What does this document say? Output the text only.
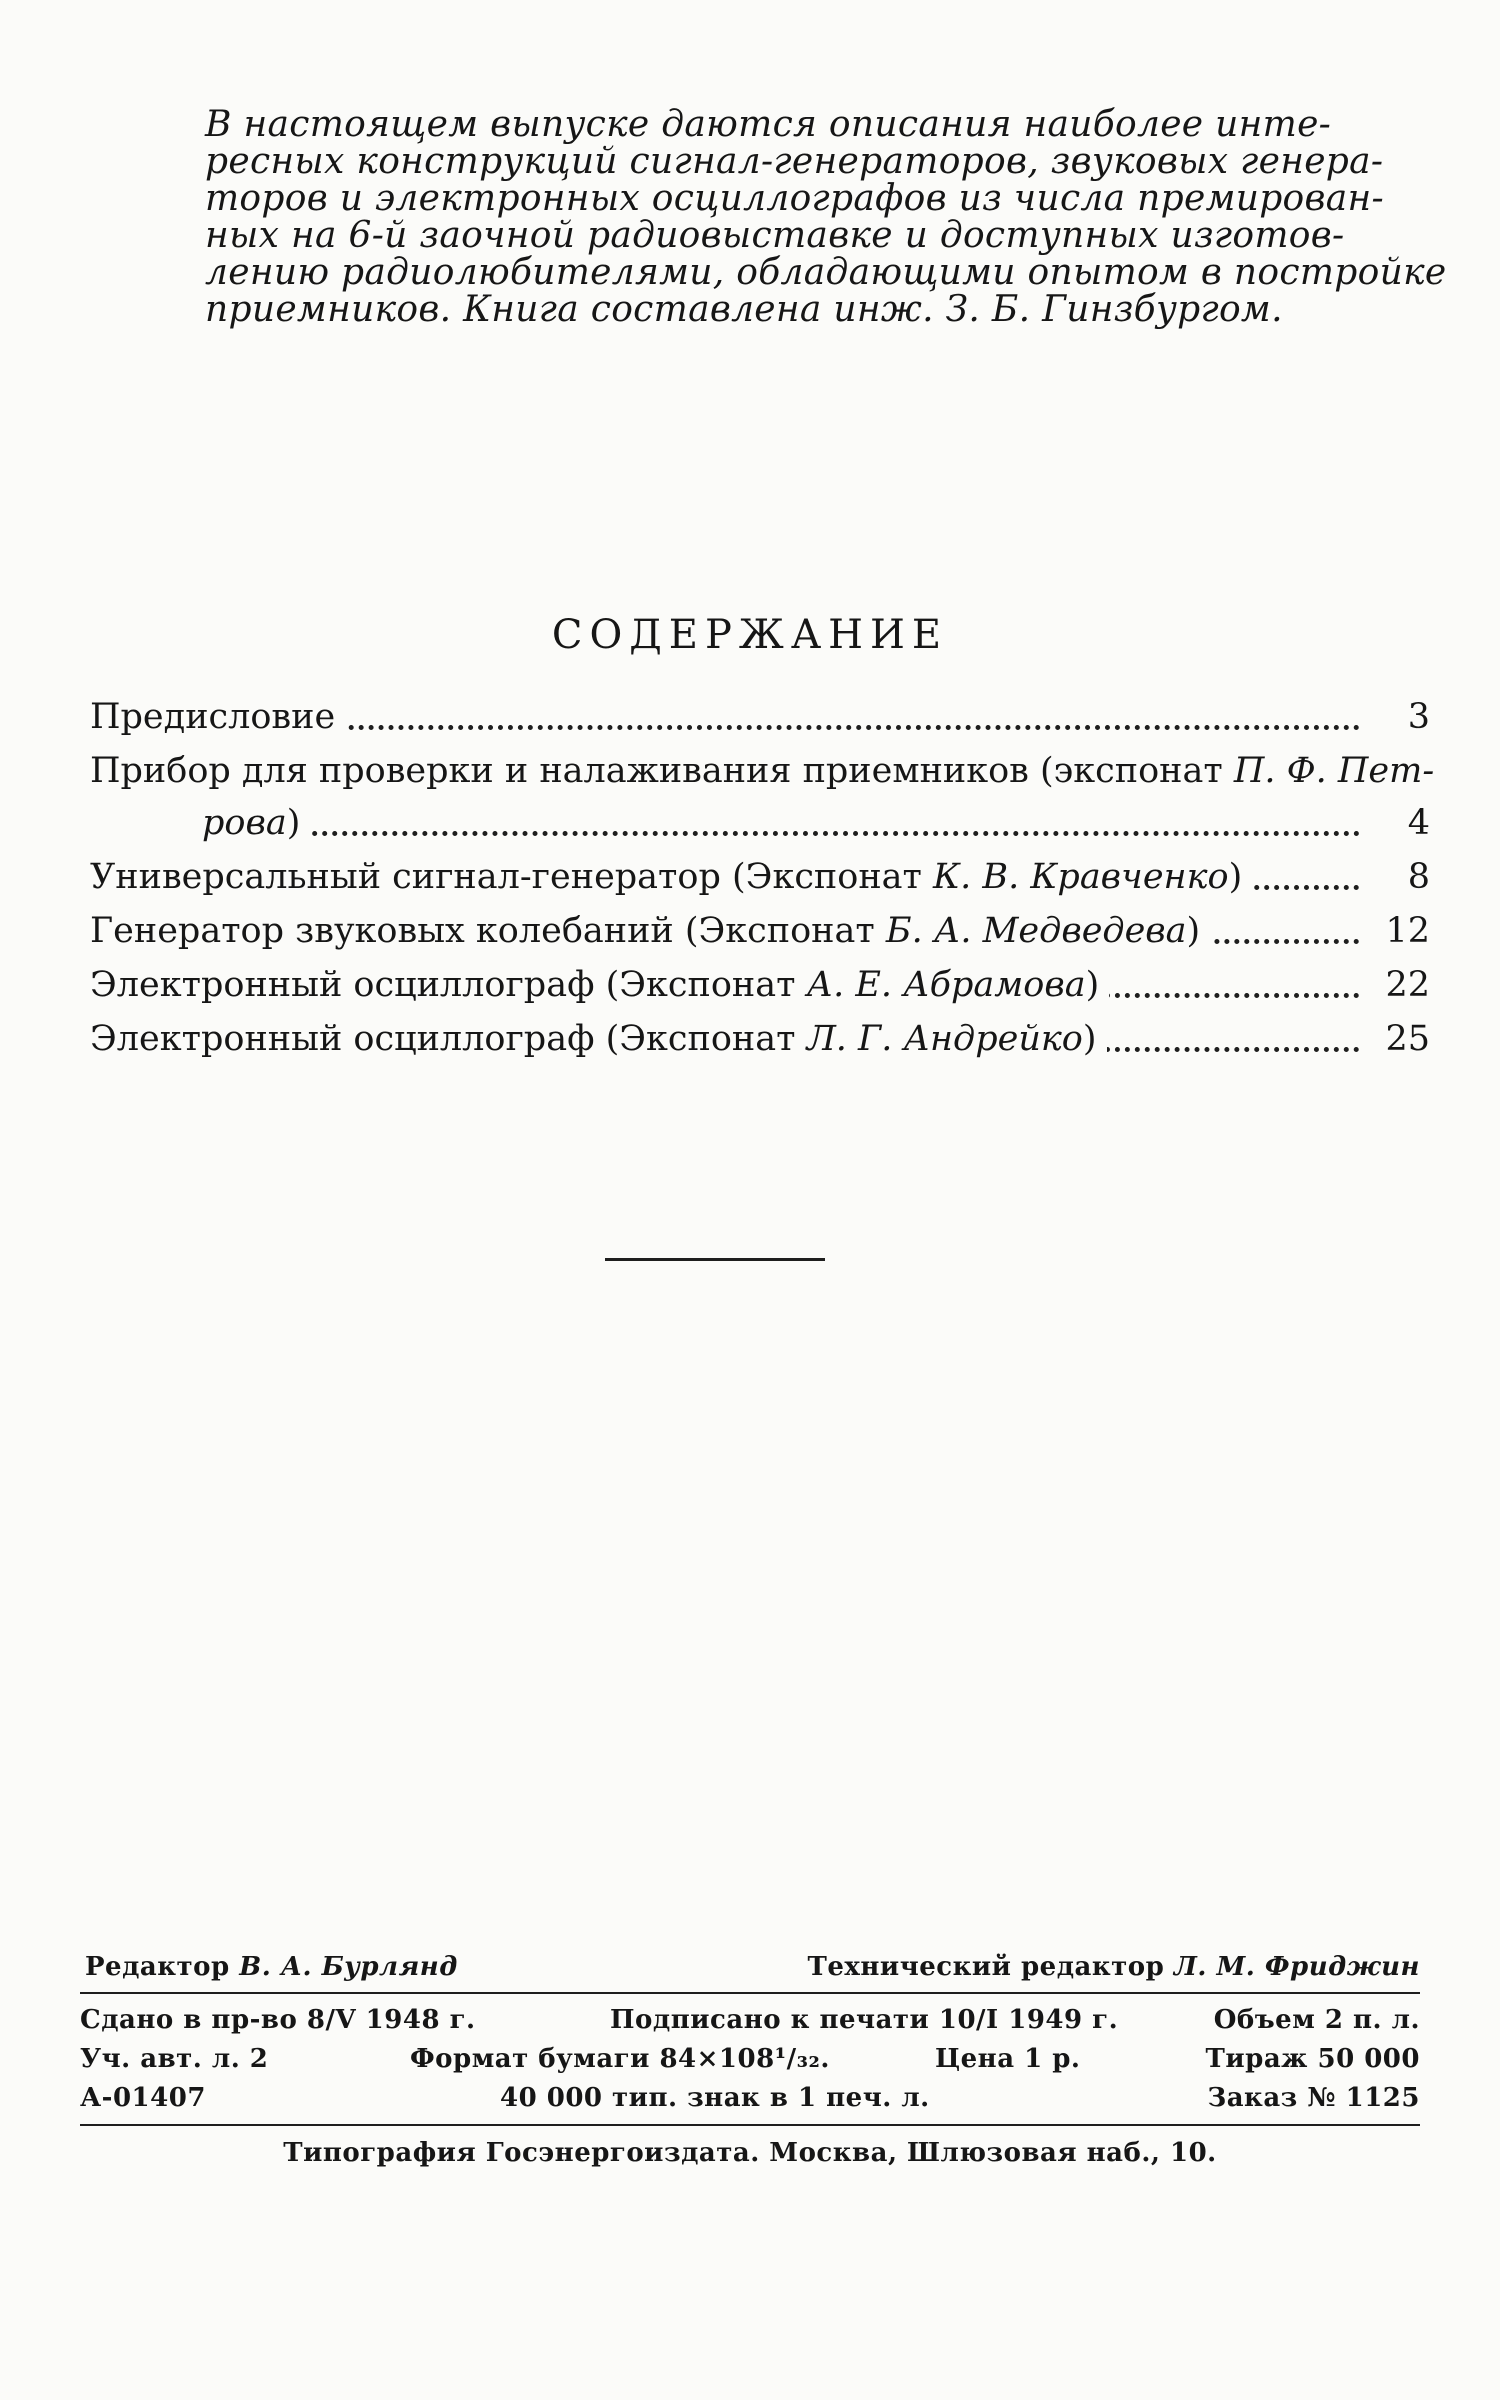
В настоящем выпуске даются описания наиболее инте-
ресных конструкций сигнал-генераторов, звуковых генера-
торов и электронных осциллографов из числа премирован-
ных на 6-й заочной радиовыставке и доступных изготов-
лению радиолюбителями, обладающими опытом в постройке
приемников. Книга составлена инж. З. Б. Гинзбургом.
СОДЕРЖАНИЕ
Предисловие	3
Прибор для проверки и налаживания приемников (экспонат П. Ф. Пет-
рова)	4
Универсальный сигнал-генератор (Экспонат К. В. Кравченко)	8
Генератор звуковых колебаний (Экспонат Б. А. Медведева)	12
Электронный осциллограф (Экспонат А. Е. Абрамова)	22
Электронный осциллограф (Экспонат Л. Г. Андрейко)	25
Редактор В. А. Бурлянд	Технический редактор Л. М. Фриджин
Сдано в пр-во 8/V 1948 г.	Подписано к печати 10/I 1949 г.	Объем 2 п. л.
Уч. авт. л. 2	Формат бумаги 84×108¹/₃₂.	Цена 1 р.	Тираж 50 000
А-01407	40 000 тип. знак в 1 печ. л.	Заказ № 1125
Типография Госэнергоиздата. Москва, Шлюзовая наб., 10.
